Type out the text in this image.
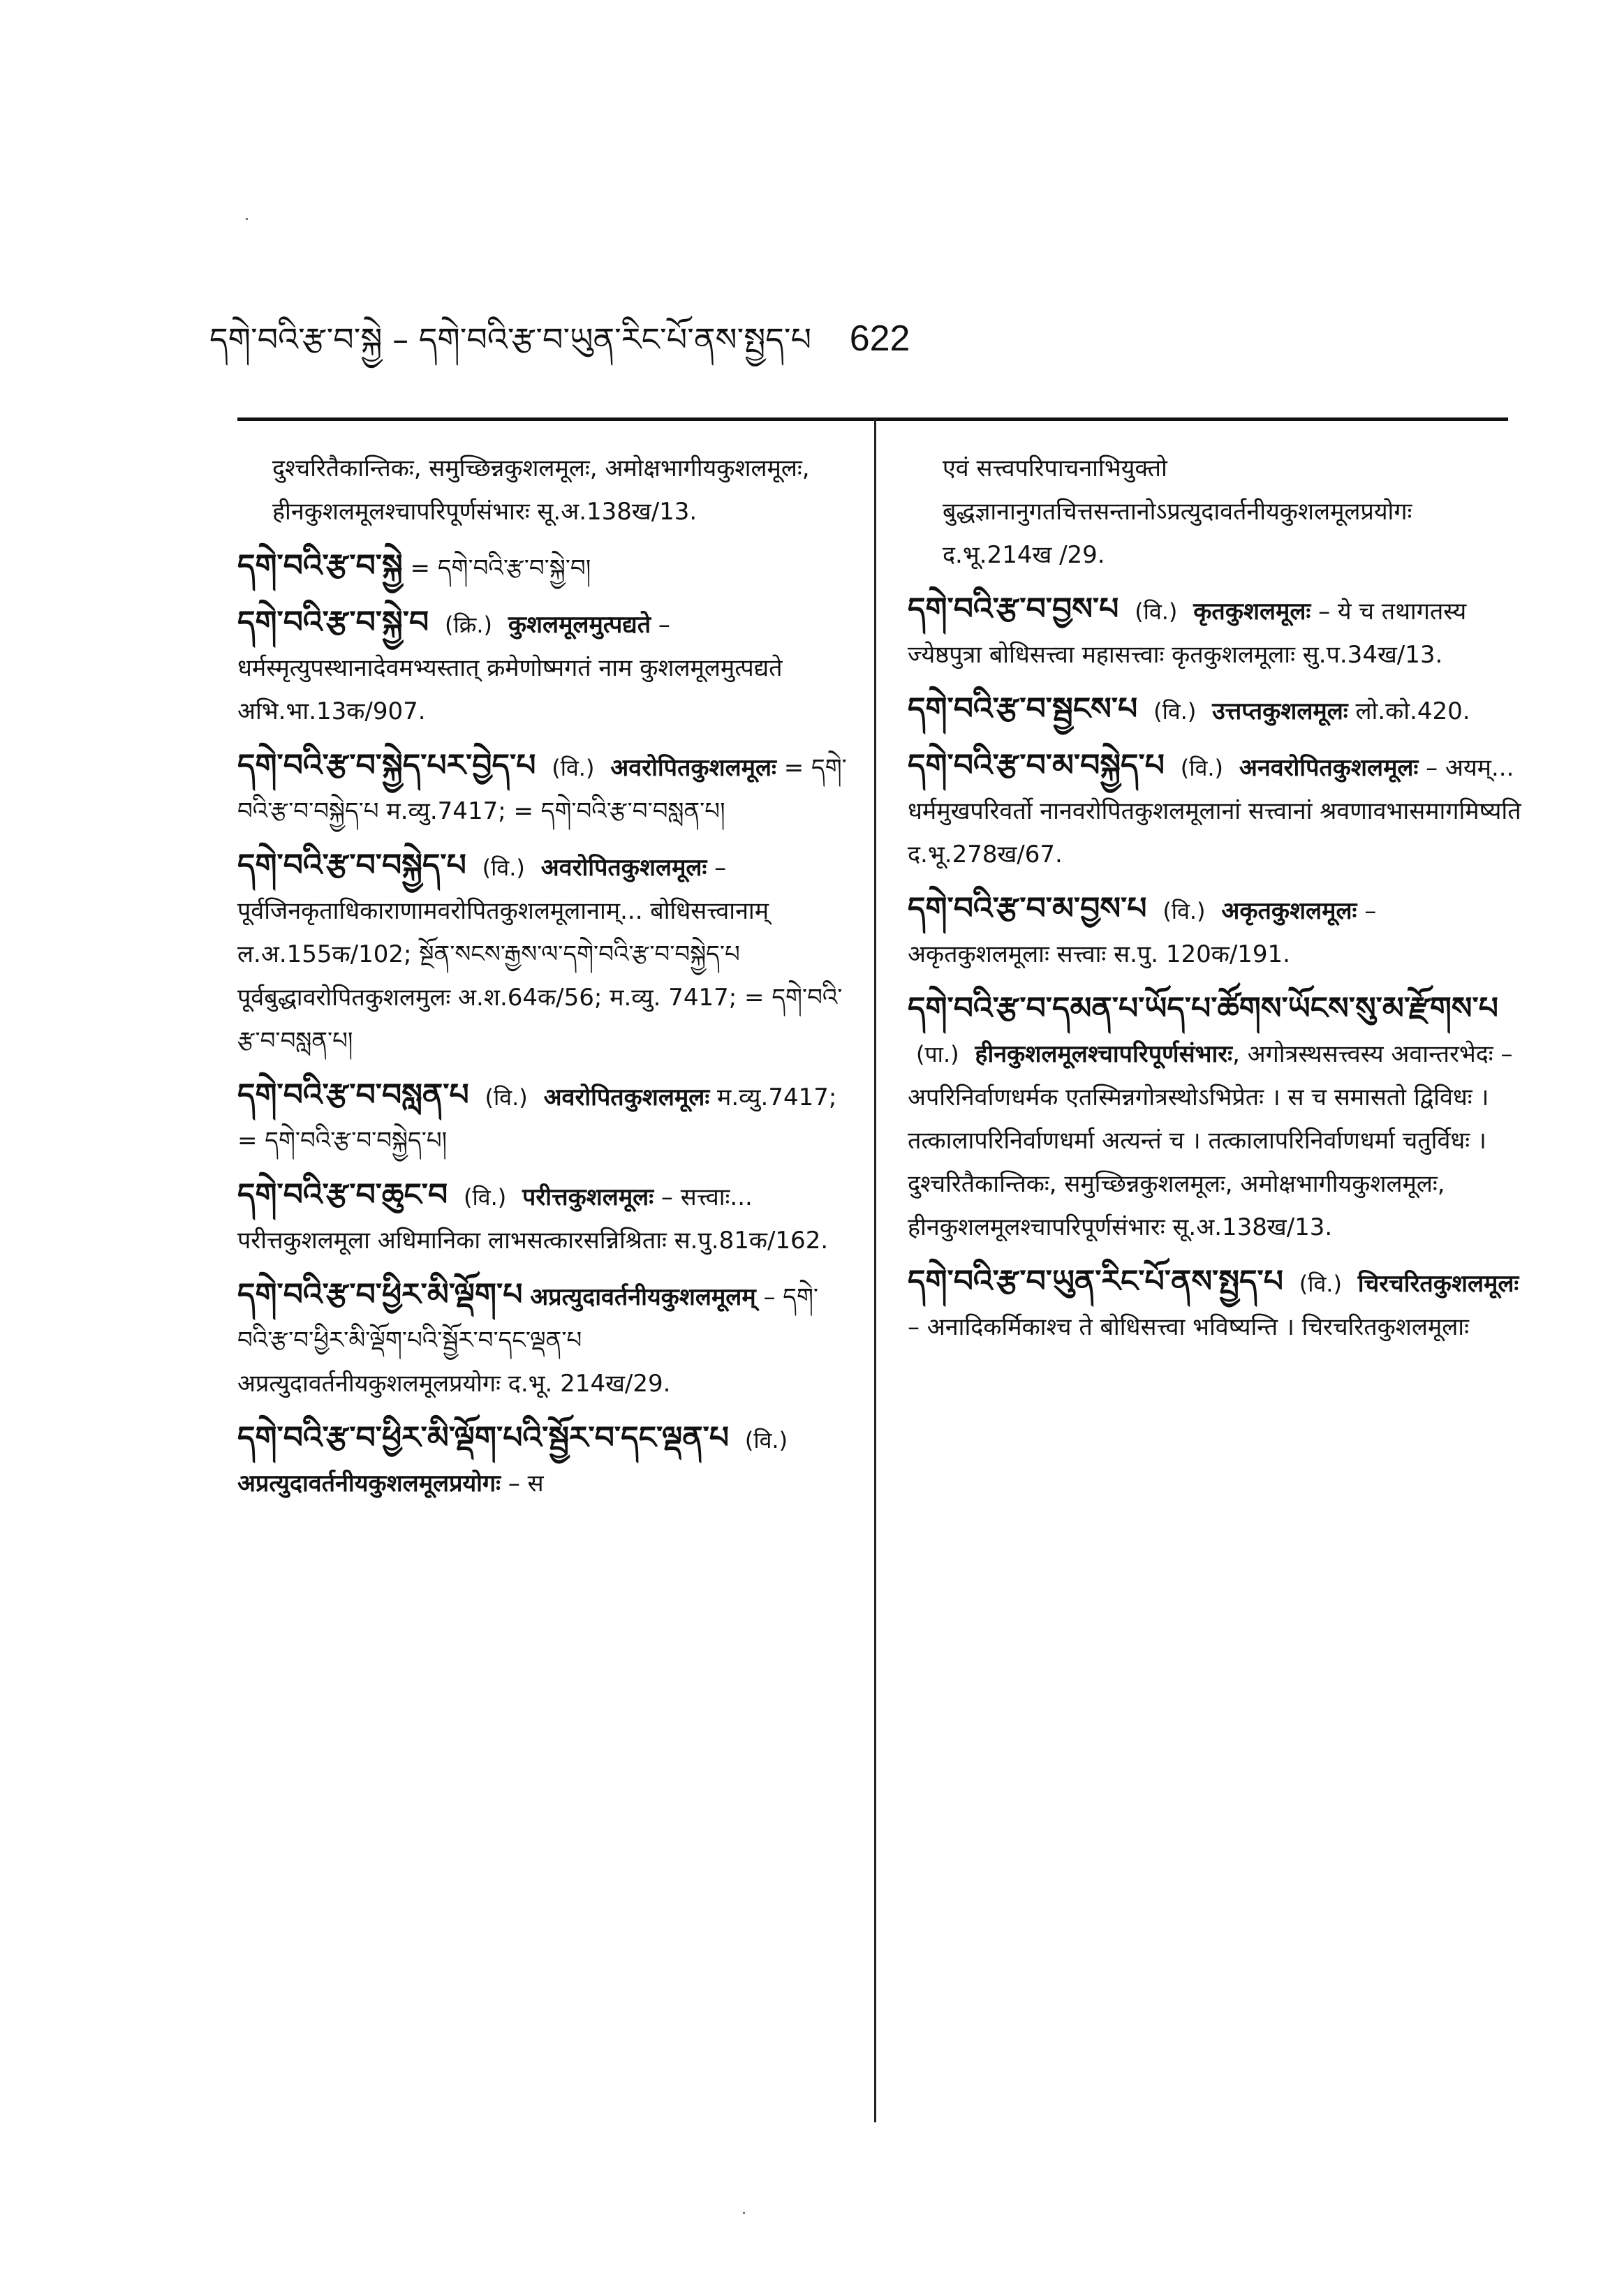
དགེ་བའི་རྩ་བ་སྐྱེ – དགེ་བའི་རྩ་བ་ཡུན་རིང་པོ་ནས་སྤྱད་པ 622
दुश्चरितैकान्तिकः, समुच्छिन्नकुशलमूलः, अमोक्षभागीयकुशलमूलः, हीनकुशलमूलश्चापरिपूर्णसंभारः सू.अ.138ख/13.
དགེ་བའི་རྩ་བ་སྐྱེ = དགེ་བའི་རྩ་བ་སྐྱེ་བ།
དགེ་བའི་རྩ་བ་སྐྱེ་བ (क्रि.) कुशलमूलमुत्पद्यते – धर्मस्मृत्युपस्थानादेवमभ्यस्तात् क्रमेणोष्मगतं नाम कुशलमूलमुत्पद्यते अभि.भा.13क/907.
དགེ་བའི་རྩ་བ་སྐྱེད་པར་བྱེད་པ (वि.) अवरोपितकुशलमूलः = དགེ་བའི་རྩ་བ་བསྐྱེད་པ म.व्यु.7417; = དགེ་བའི་རྩ་བ་བསླན་པ།
དགེ་བའི་རྩ་བ་བསྐྱེད་པ (वि.) अवरोपितकुशलमूलः – पूर्वजिनकृताधिकाराणामवरोपितकुशलमूलानाम्... बोधिसत्त्वानाम् ल.अ.155क/102; སྔོན་སངས་རྒྱས་ལ་དགེ་བའི་རྩ་བ་བསྐྱེད་པ पूर्वबुद्धावरोपितकुशलमुलः अ.श.64क/56; म.व्यु. 7417; = དགེ་བའི་རྩ་བ་བསླན་པ།
དགེ་བའི་རྩ་བ་བསླན་པ (वि.) अवरोपितकुशलमूलः म.व्यु.7417; = དགེ་བའི་རྩ་བ་བསྐྱེད་པ།
དགེ་བའི་རྩ་བ་ཆུང་བ (वि.) परीत्तकुशलमूलः – सत्त्वाः... परीत्तकुशलमूला अधिमानिका लाभसत्कारसन्निश्रिताः स.पु.81क/162.
དགེ་བའི་རྩ་བ་ཕྱིར་མི་ལྡོག་པ अप्रत्युदावर्तनीयकुशलमूलम् – དགེ་བའི་རྩ་བ་ཕྱིར་མི་ལྡོག་པའི་སྦྱོར་བ་དང་ལྡན་པ अप्रत्युदावर्तनीयकुशलमूलप्रयोगः द.भू. 214ख/29.
དགེ་བའི་རྩ་བ་ཕྱིར་མི་ལྡོག་པའི་སྦྱོར་བ་དང་ལྡན་པ (वि.) अप्रत्युदावर्तनीयकुशलमूलप्रयोगः – स
एवं सत्त्वपरिपाचनाभियुक्तो बुद्धज्ञानानुगतचित्तसन्तानोऽप्रत्युदावर्तनीयकुशलमूलप्रयोगः द.भू.214ख /29.
དགེ་བའི་རྩ་བ་བྱས་པ (वि.) कृतकुशलमूलः – ये च तथागतस्य ज्येष्ठपुत्रा बोधिसत्त्वा महासत्त्वाः कृतकुशलमूलाः सु.प.34ख/13.
དགེ་བའི་རྩ་བ་སྦྱངས་པ (वि.) उत्तप्तकुशलमूलः लो.को.420.
དགེ་བའི་རྩ་བ་མ་བསྐྱེད་པ (वि.) अनवरोपितकुशलमूलः – अयम्... धर्ममुखपरिवर्तो नानवरोपितकुशलमूलानां सत्त्वानां श्रवणावभासमागमिष्यति द.भू.278ख/67.
དགེ་བའི་རྩ་བ་མ་བྱས་པ (वि.) अकृतकुशलमूलः – अकृतकुशलमूलाः सत्त्वाः स.पु. 120क/191.
དགེ་བའི་རྩ་བ་དམན་པ་ཡོད་པ་ཚོགས་ཡོངས་སུ་མ་རྫོགས་པ (पा.) हीनकुशलमूलश्चापरिपूर्णसंभारः, अगोत्रस्थसत्त्वस्य अवान्तरभेदः – अपरिनिर्वाणधर्मक एतस्मिन्नगोत्रस्थोऽभिप्रेतः । स च समासतो द्विविधः । तत्कालापरिनिर्वाणधर्मा अत्यन्तं च । तत्कालापरिनिर्वाणधर्मा चतुर्विधः । दुश्चरितैकान्तिकः, समुच्छिन्नकुशलमूलः, अमोक्षभागीयकुशलमूलः, हीनकुशलमूलश्चापरिपूर्णसंभारः सू.अ.138ख/13.
དགེ་བའི་རྩ་བ་ཡུན་རིང་པོ་ནས་སྤྱད་པ (वि.) चिरचरितकुशलमूलः – अनादिकर्मिकाश्च ते बोधिसत्त्वा भविष्यन्ति । चिरचरितकुशलमूलाः
